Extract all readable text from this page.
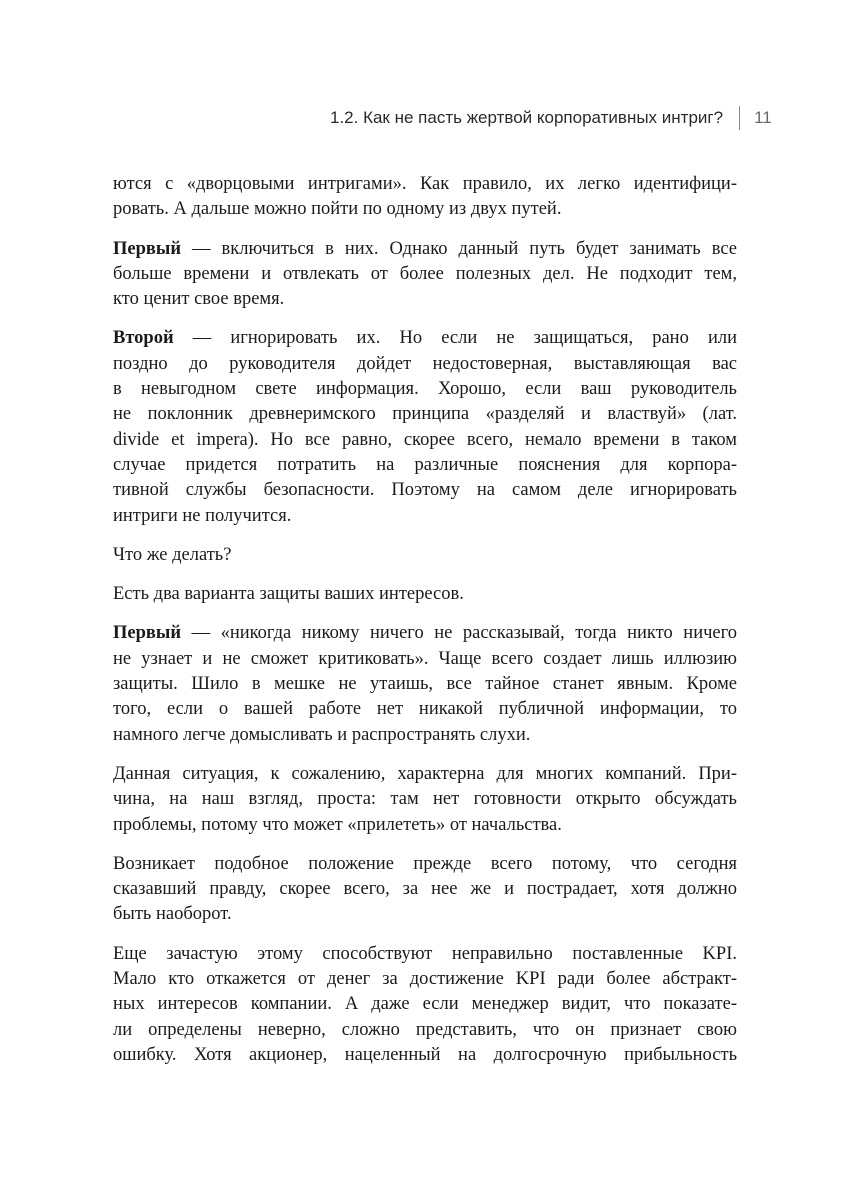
1.2. Как не пасть жертвой корпоративных интриг? 11

ются с «дворцовыми интригами». Как правило, их легко идентифици-
ровать. А дальше можно пойти по одному из двух путей.

Первый — включиться в них. Однако данный путь будет занимать все
больше времени и отвлекать от более полезных дел. Не подходит тем,
кто ценит свое время.

Второй — игнорировать их. Но если не защищаться, рано или
поздно до руководителя дойдет недостоверная, выставляющая вас
в невыгодном свете информация. Хорошо, если ваш руководитель
не поклонник древнеримского принципа «разделяй и властвуй» (лат.
divide et impera). Но все равно, скорее всего, немало времени в таком
случае придется потратить на различные пояснения для корпора-
тивной службы безопасности. Поэтому на самом деле игнорировать
интриги не получится.

Что же делать?

Есть два варианта защиты ваших интересов.

Первый — «никогда никому ничего не рассказывай, тогда никто ничего
не узнает и не сможет критиковать». Чаще всего создает лишь иллюзию
защиты. Шило в мешке не утаишь, все тайное станет явным. Кроме
того, если о вашей работе нет никакой публичной информации, то
намного легче домысливать и распространять слухи.

Данная ситуация, к сожалению, характерна для многих компаний. При-
чина, на наш взгляд, проста: там нет готовности открыто обсуждать
проблемы, потому что может «прилететь» от начальства.

Возникает подобное положение прежде всего потому, что сегодня
сказавший правду, скорее всего, за нее же и пострадает, хотя должно
быть наоборот.

Еще зачастую этому способствуют неправильно поставленные KPI.
Мало кто откажется от денег за достижение KPI ради более абстракт-
ных интересов компании. А даже если менеджер видит, что показате-
ли определены неверно, сложно представить, что он признает свою
ошибку. Хотя акционер, нацеленный на долгосрочную прибыльность
